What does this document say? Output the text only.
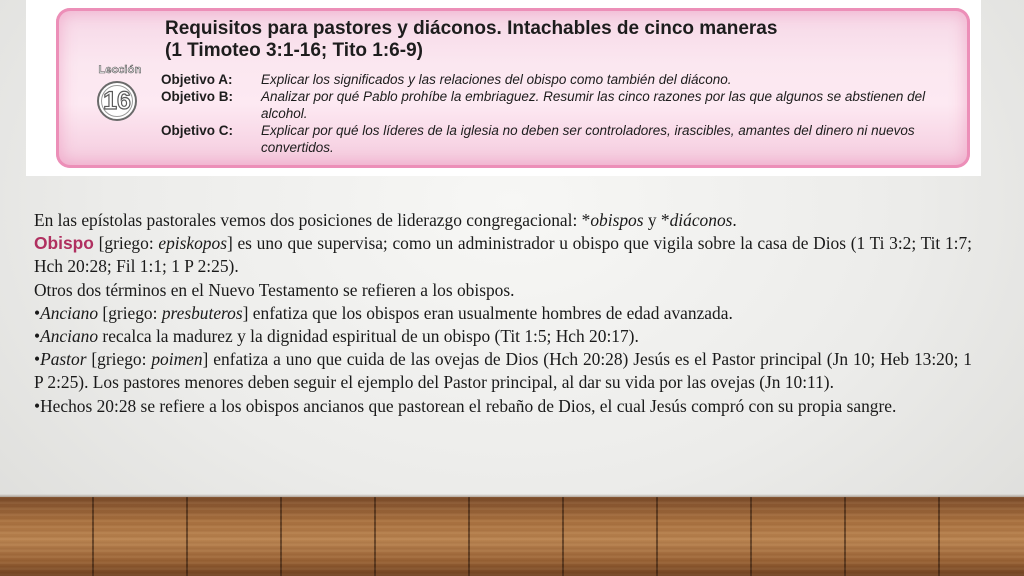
Requisitos para pastores y diáconos. Intachables de cinco maneras
(1 Timoteo 3:1-16; Tito 1:6-9)
Lección
16
Objetivo A:	Explicar los significados y las relaciones del obispo como también del diácono.
Objetivo B:	Analizar por qué Pablo prohíbe la embriaguez. Resumir las cinco razones por las que algunos se abstienen del alcohol.
Objetivo C:	Explicar por qué los líderes de la iglesia no deben ser controladores, irascibles, amantes del dinero ni nuevos convertidos.

En las epístolas pastorales vemos dos posiciones de liderazgo congregacional: *obispos y *diáconos.

Obispo [griego: episkopos] es uno que supervisa; como un administrador u obispo que vigila sobre la casa de Dios (1 Ti 3:2; Tit 1:7; Hch 20:28; Fil 1:1; 1 P 2:25).

Otros dos términos en el Nuevo Testamento se refieren a los obispos.

•Anciano [griego: presbuteros] enfatiza que los obispos eran usualmente hombres de edad avanzada.

•Anciano recalca la madurez y la dignidad espiritual de un obispo (Tit 1:5; Hch 20:17).

•Pastor [griego: poimen] enfatiza a uno que cuida de las ovejas de Dios (Hch 20:28) Jesús es el Pastor principal (Jn 10; Heb 13:20; 1 P 2:25). Los pastores menores deben seguir el ejemplo del Pastor principal, al dar su vida por las ovejas (Jn 10:11).

•Hechos 20:28 se refiere a los obispos ancianos que pastorean el rebaño de Dios, el cual Jesús compró con su propia sangre.
